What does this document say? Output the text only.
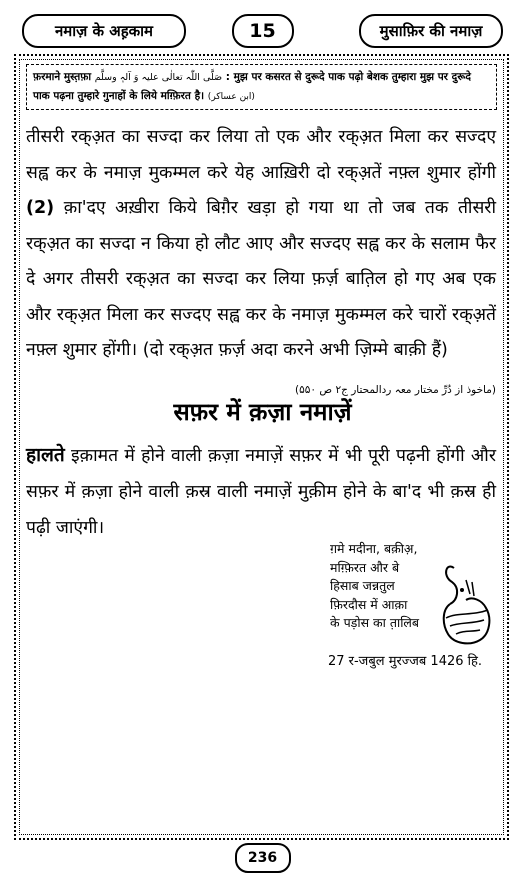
नमाज़ के अह़काम	15	मुसाफ़िर की नमाज़
फ़रमाने मुस्त़फ़ा صَلَّی اللّٰہ تعالٰی علیہ وَ آلہٖ وسلَّم : मुझ पर कसरत से दुरूदे पाक पढ़ो बेशक तुम्हारा मुझ पर दुरूदे पाक पढ़ना तुम्हारे गुनाहों के लिये मग़्फ़िरत है। (ابن عساکر)
तीसरी रक्अ़त का सज्दा कर लिया तो एक और रक्अ़त मिला कर सज्दए सह्व कर के नमाज़ मुकम्मल करे येह आख़िरी दो रक्अ़तें नफ़्ल शुमार होंगी (2) क़ा'दए अख़ीरा किये बिग़ैर खड़ा हो गया था तो जब तक तीसरी रक्अ़त का सज्दा न किया हो लौट आए और सज्दए सह्व कर के सलाम फैर दे अगर तीसरी रक्अ़त का सज्दा कर लिया फ़र्ज़ बात़िल हो गए अब एक और रक्अ़त मिला कर सज्दए सह्व कर के नमाज़ मुकम्मल करे चारों रक्अ़तें नफ़्ल शुमार होंगी। (दो रक्अ़त फ़र्ज़ अदा करने अभी ज़िम्मे बाक़ी हैं)
(ماخوذ از دُرِّ مختار معہ ردالمحتار ج۲ ص ۵۵۰)
सफ़र में क़ज़ा नमाज़ें
हालते इक़ामत में होने वाली क़ज़ा नमाज़ें सफ़र में भी पूरी पढ़नी होंगी और सफ़र में क़ज़ा होने वाली क़स्र वाली नमाज़ें मुक़ीम होने के बा'द भी क़स्र ही पढ़ी जाएंगी।
ग़मे मदीना, बक़ीअ़,
मग़्फ़िरत और बे
हिसाब जन्नतुल
फ़िरदौस में आक़ा
के पड़ोस का त़ालिब
27 र-जबुल मुरज्जब 1426 हि.
236
